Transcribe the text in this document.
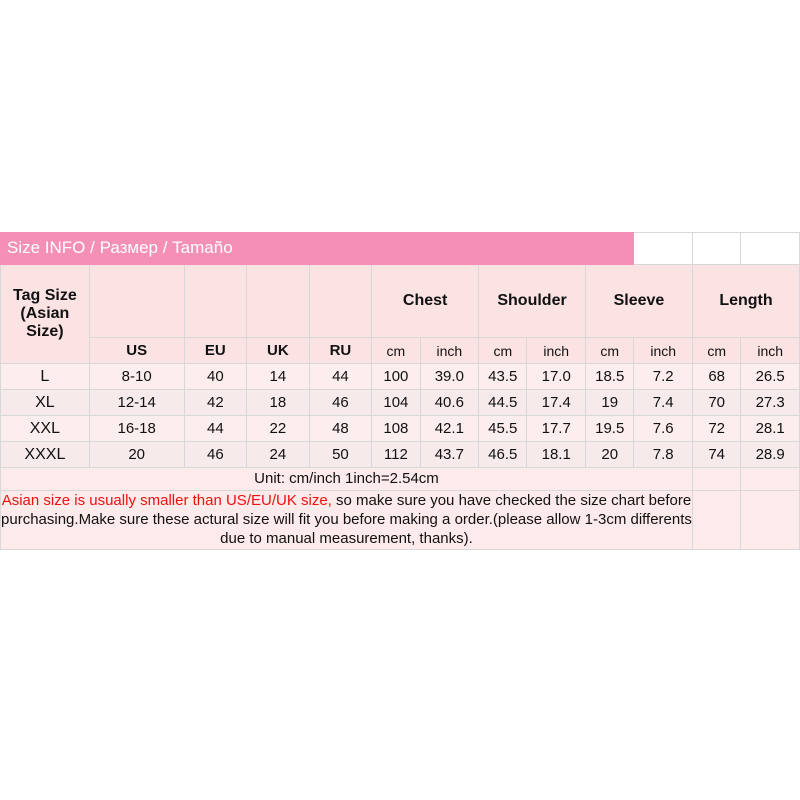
Size INFO / Размер / Tamaño												
Tag Size (Asian Size)					Chest		Shoulder		Sleeve		Length	
	US	EU	UK	RU	cm	inch	cm	inch	cm	inch	cm	inch
L	8-10	40	14	44	100	39.0	43.5	17.0	18.5	7.2	68	26.5
XL	12-14	42	18	46	104	40.6	44.5	17.4	19	7.4	70	27.3
XXL	16-18	44	22	48	108	42.1	45.5	17.7	19.5	7.6	72	28.1
XXXL	20	46	24	50	112	43.7	46.5	18.1	20	7.8	74	28.9
Unit: cm/inch 1inch=2.54cm												
Asian size is usually smaller than US/EU/UK size, so make sure you have checked the size chart before purchasing.Make sure these actural size will fit you before making a order.(please allow 1-3cm differents due to manual measurement, thanks).												
